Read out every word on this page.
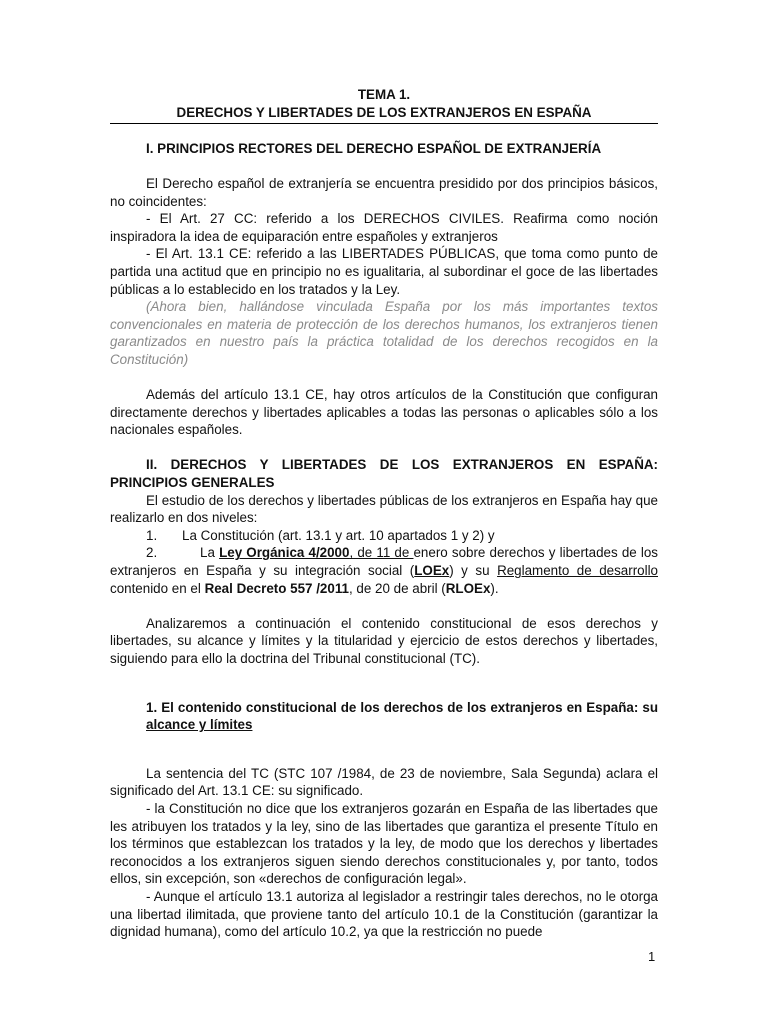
TEMA 1.
DERECHOS Y LIBERTADES DE LOS EXTRANJEROS EN ESPAÑA

I. PRINCIPIOS RECTORES DEL DERECHO ESPAÑOL DE EXTRANJERÍA

El Derecho español de extranjería se encuentra presidido por dos principios básicos, no coincidentes:

- El Art. 27 CC: referido a los DERECHOS CIVILES. Reafirma como noción inspiradora la idea de equiparación entre españoles y extranjeros

- El Art. 13.1 CE: referido a las LIBERTADES PÚBLICAS, que toma como punto de partida una actitud que en principio no es igualitaria, al subordinar el goce de las libertades públicas a lo establecido en los tratados y la Ley.

(Ahora bien, hallándose vinculada España por los más importantes textos convencionales en materia de protección de los derechos humanos, los extranjeros tienen garantizados en nuestro país la práctica totalidad de los derechos recogidos en la Constitución)

Además del artículo 13.1 CE, hay otros artículos de la Constitución que configuran directamente derechos y libertades aplicables a todas las personas o aplicables sólo a los nacionales españoles.

II. DERECHOS Y LIBERTADES DE LOS EXTRANJEROS EN ESPAÑA: PRINCIPIOS GENERALES

El estudio de los derechos y libertades públicas de los extranjeros en España hay que realizarlo en dos niveles:

1.	La Constitución (art. 13.1 y art. 10 apartados 1 y 2) y

2.	La Ley Orgánica 4/2000, de 11 de enero sobre derechos y libertades de los extranjeros en España y su integración social (LOEx) y su Reglamento de desarrollo contenido en el Real Decreto 557 /2011, de 20 de abril (RLOEx).

Analizaremos a continuación el contenido constitucional de esos derechos y libertades, su alcance y límites y la titularidad y ejercicio de estos derechos y libertades, siguiendo para ello la doctrina del Tribunal constitucional (TC).

1. El contenido constitucional de los derechos de los extranjeros en España: su alcance y límites

La sentencia del TC (STC 107 /1984, de 23 de noviembre, Sala Segunda) aclara el significado del Art. 13.1 CE: su significado.

- la Constitución no dice que los extranjeros gozarán en España de las libertades que les atribuyen los tratados y la ley, sino de las libertades que garantiza el presente Título en los términos que establezcan los tratados y la ley, de modo que los derechos y libertades reconocidos a los extranjeros siguen siendo derechos constitucionales y, por tanto, todos ellos, sin excepción, son «derechos de configuración legal».

- Aunque el artículo 13.1 autoriza al legislador a restringir tales derechos, no le otorga una libertad ilimitada, que proviene tanto del artículo 10.1 de la Constitución (garantizar la dignidad humana), como del artículo 10.2, ya que la restricción no puede

1
